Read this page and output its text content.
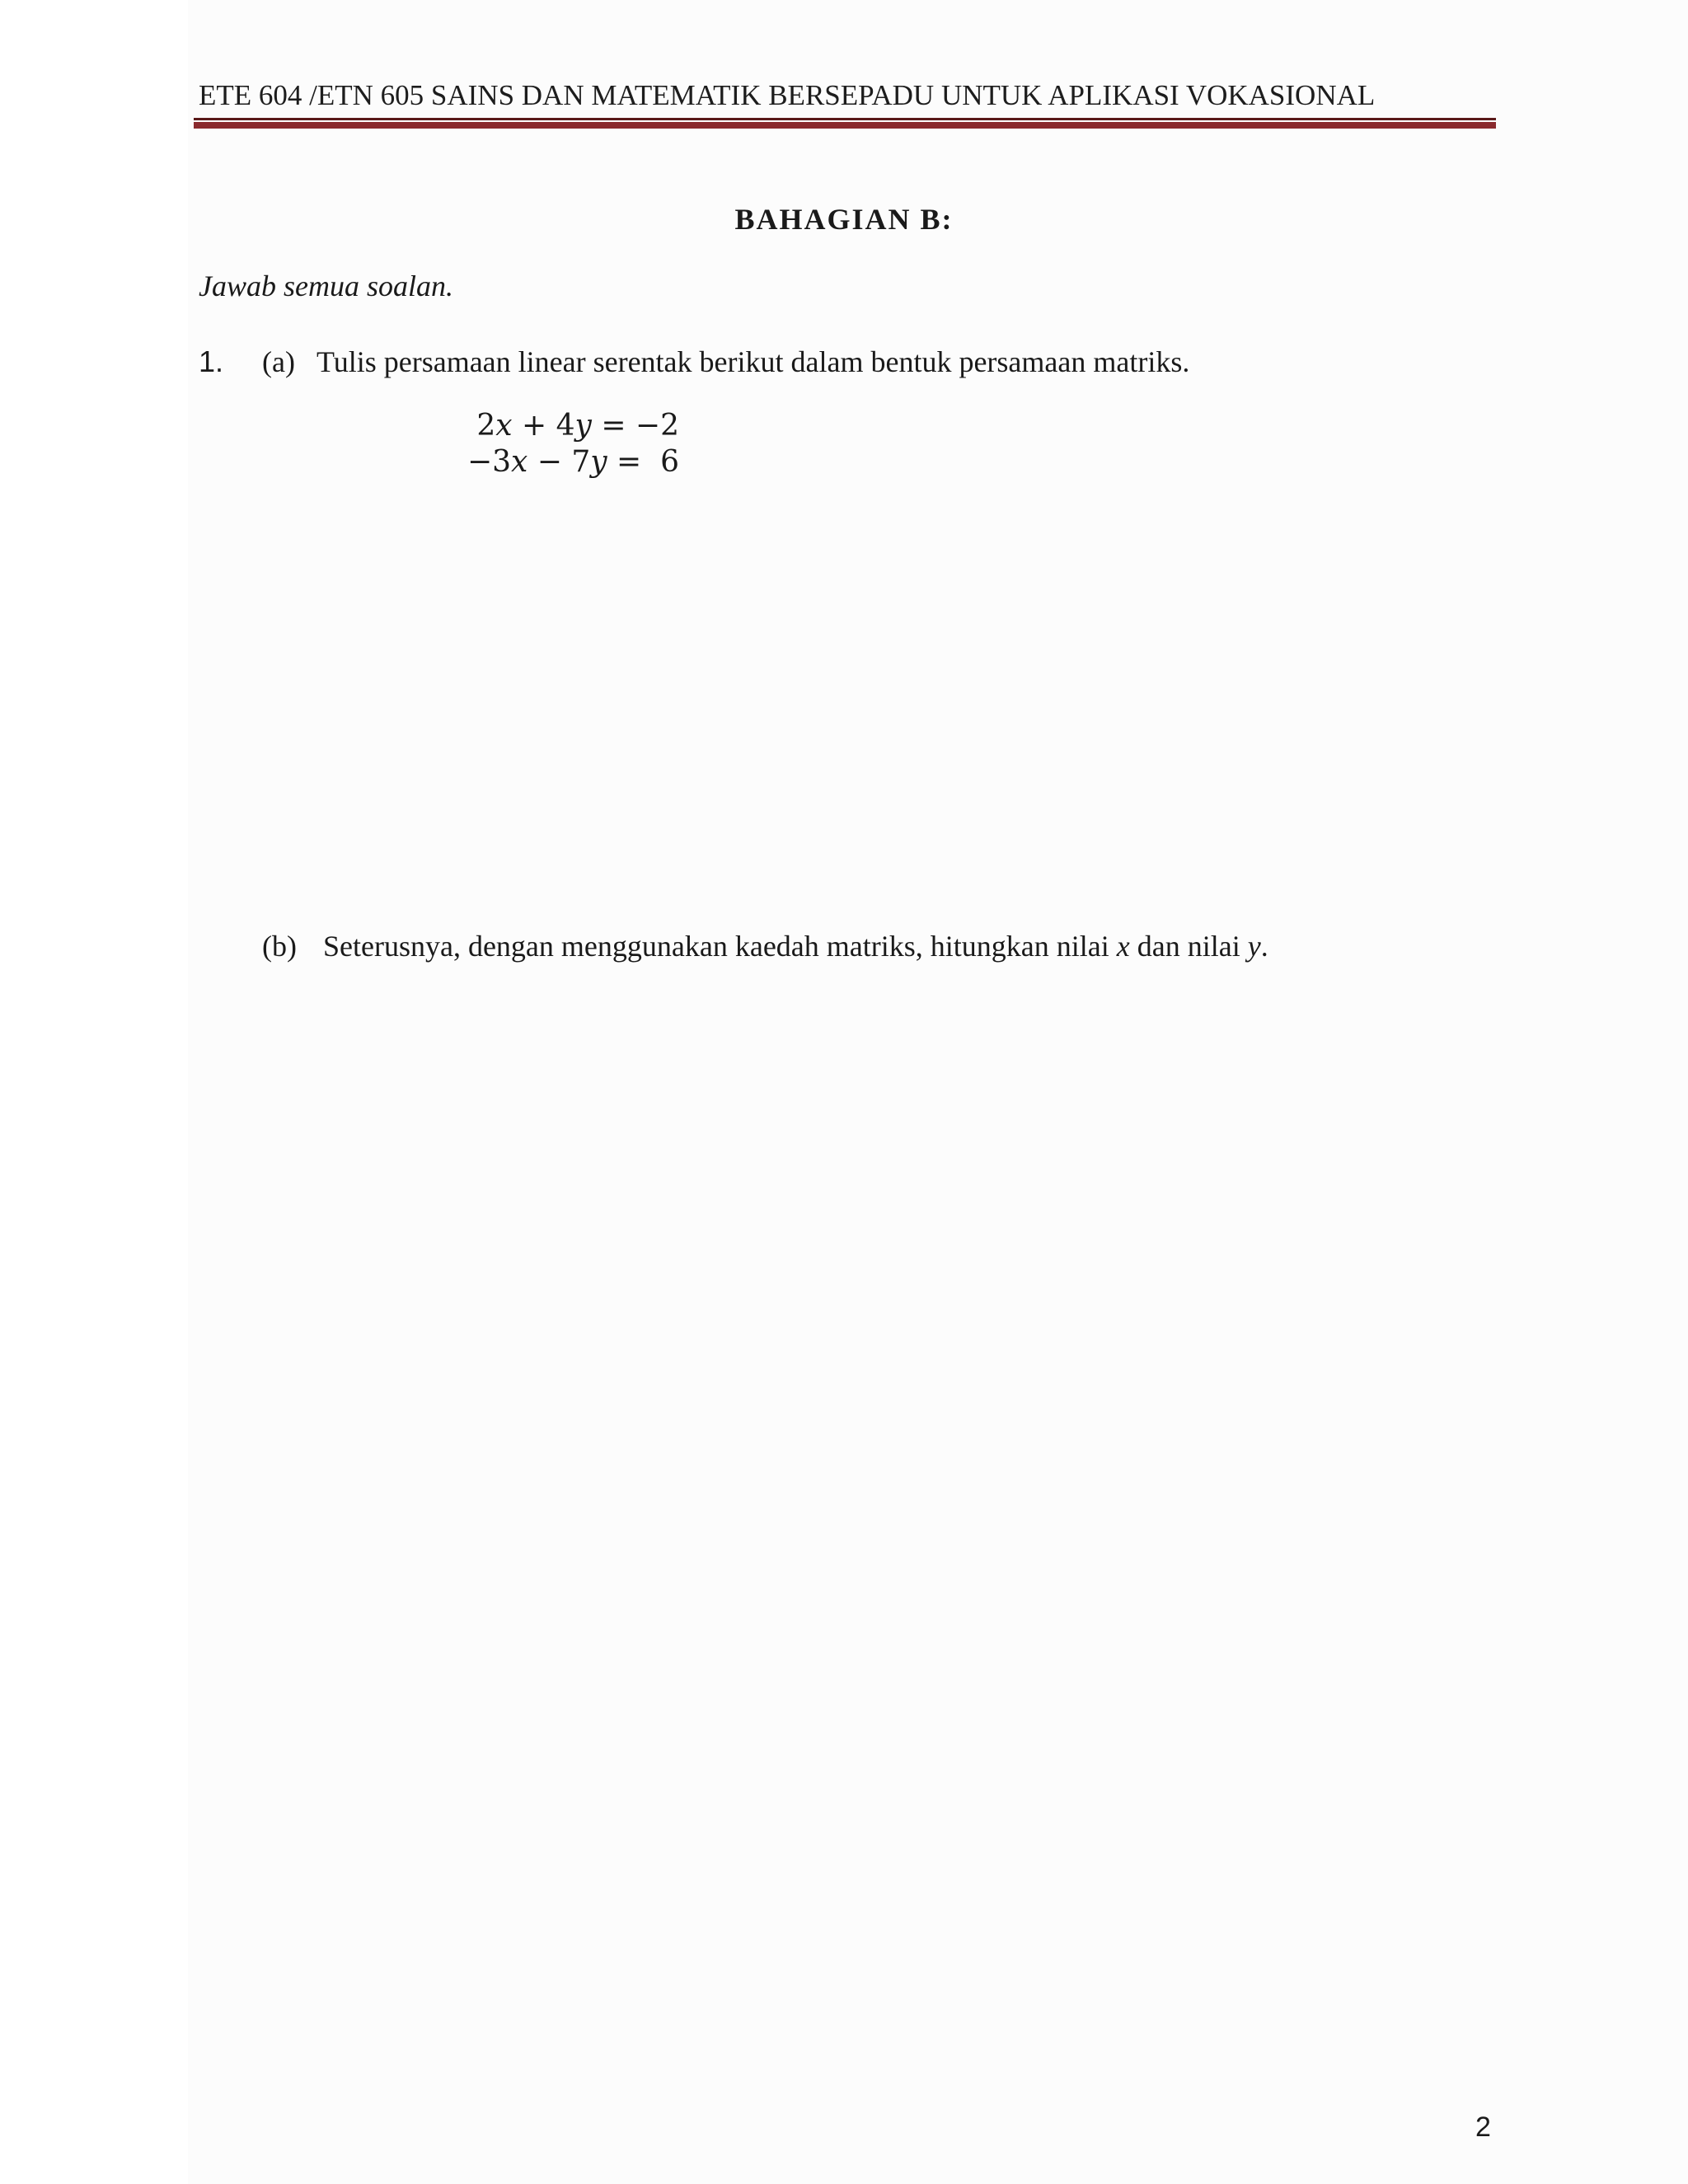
ETE 604 /ETN 605 SAINS DAN MATEMATIK BERSEPADU UNTUK APLIKASI VOKASIONAL
BAHAGIAN B:
Jawab semua soalan.
1. (a) Tulis persamaan linear serentak berikut dalam bentuk persamaan matriks.
2𝑥 + 4𝑦 = −2
−3𝑥 − 7𝑦 =  6
(b) Seterusnya, dengan menggunakan kaedah matriks, hitungkan nilai x dan nilai y.
2
